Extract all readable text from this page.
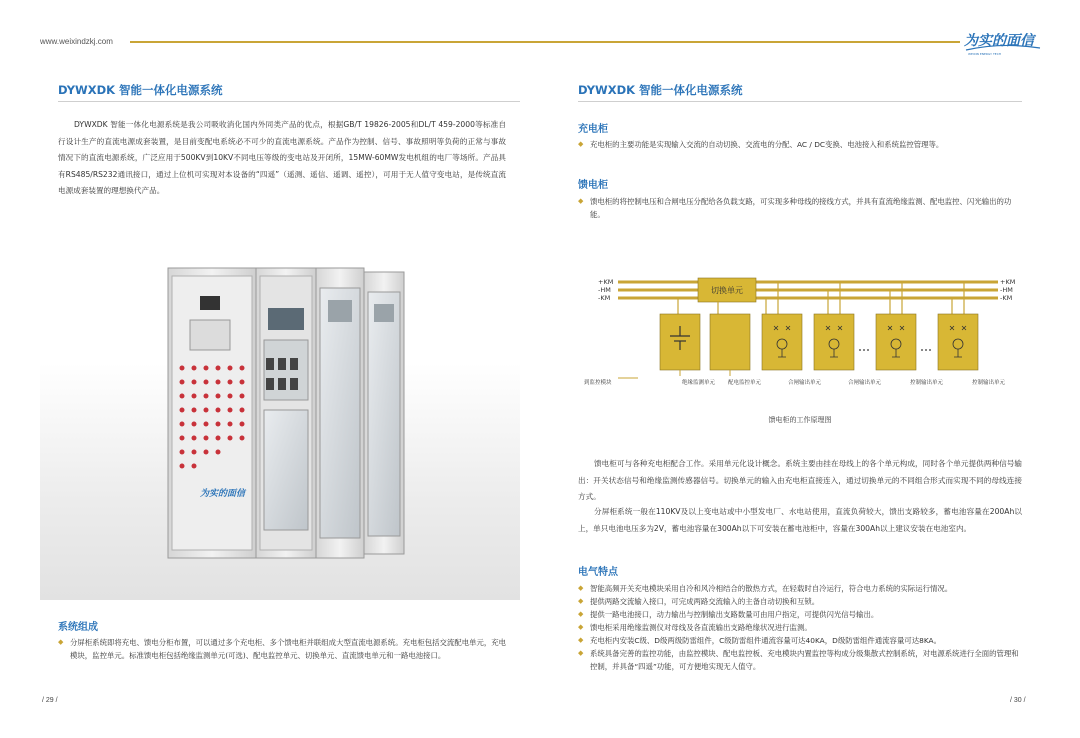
www.weixindzkj.com	为实的面信
WEIXIN ENERGY TECH
DYWXDK 智能一体化电源系统
DYWXDK 智能一体化电源系统是我公司吸收消化国内外同类产品的优点，根据GB/T 19826-2005和DL/T 459-2000等标准自行设计生产的直流电源成套装置，是目前变配电系统必不可少的直流电源系统。产品作为控制、信号、事故照明等负荷的正常与事故情况下的直流电源系统，广泛应用于500KV到10KV不同电压等级的变电站及开闭所，15MW-60MW发电机组的电厂等场所。产品具有RS485/RS232通讯接口，通过上位机可实现对本设备的“四遥”（遥测、遥信、遥调、遥控），可用于无人值守变电站，是传统直流电源成套装置的理想换代产品。
为实的面信
系统组成
◆ 分屏柜系统即将充电、馈电分柜布置，可以通过多个充电柜、多个馈电柜并联组成大型直流电源系统。充电柜包括交流配电单元，充电模块，监控单元。标准馈电柜包括绝缘监测单元(可选)、配电监控单元、切换单元、直流馈电单元和一路电池接口。
/ 29 /
DYWXDK 智能一体化电源系统
充电柜
◆ 充电柜的主要功能是实现输入交流的自动切换、交流电的分配、AC / DC变换、电池接入和系统监控管理等。
馈电柜
◆ 馈电柜的将控制电压和合闸电压分配给各负载支路，可实现多种母线的接线方式，并具有直流绝缘监测、配电监控、闪光输出的功能。
+KM
-HM
-KM
+KM
-HM
-KM
切换单元
到监控模块	绝缘监测单元 配电监控单元	合闸输出单元	合闸输出单元	控制输出单元	控制输出单元
馈电柜的工作原理图
馈电柜可与各种充电柜配合工作。采用单元化设计概念。系统主要由挂在母线上的各个单元构成，同时各个单元提供两种信号输出：开关状态信号和绝缘监测传感器信号。切换单元的输入由充电柜直接连入，通过切换单元的不同组合形式而实现不同的母线连接方式。
分屏柜系统一般在110KV及以上变电站或中小型发电厂、水电站使用，直流负荷较大，馈出支路较多，蓄电池容量在200Ah以上，单只电池电压多为2V，蓄电池容量在300Ah以下可安装在蓄电池柜中，容量在300Ah以上建议安装在电池室内。
电气特点
◆ 智能高频开关充电模块采用自冷和风冷相结合的散热方式，在轻载时自冷运行，符合电力系统的实际运行情况。
◆ 提供两路交流输入接口，可完成两路交流输入的主备自动切换和互锁。
◆ 提供一路电池接口，动力输出与控制输出支路数量可由用户指定，可提供闪光信号输出。
◆ 馈电柜采用绝缘监测仪对母线及各直流输出支路绝缘状况进行监测。
◆ 充电柜内安装C级、D级两级防雷组件，C级防雷组件通流容量可达40KA，D级防雷组件通流容量可达8KA。
◆ 系统具备完善的监控功能，由监控模块、配电监控板、充电模块内置监控等构成分级集散式控制系统，对电源系统进行全面的管理和控制，并具备“四遥”功能，可方便地实现无人值守。
/ 30 /
